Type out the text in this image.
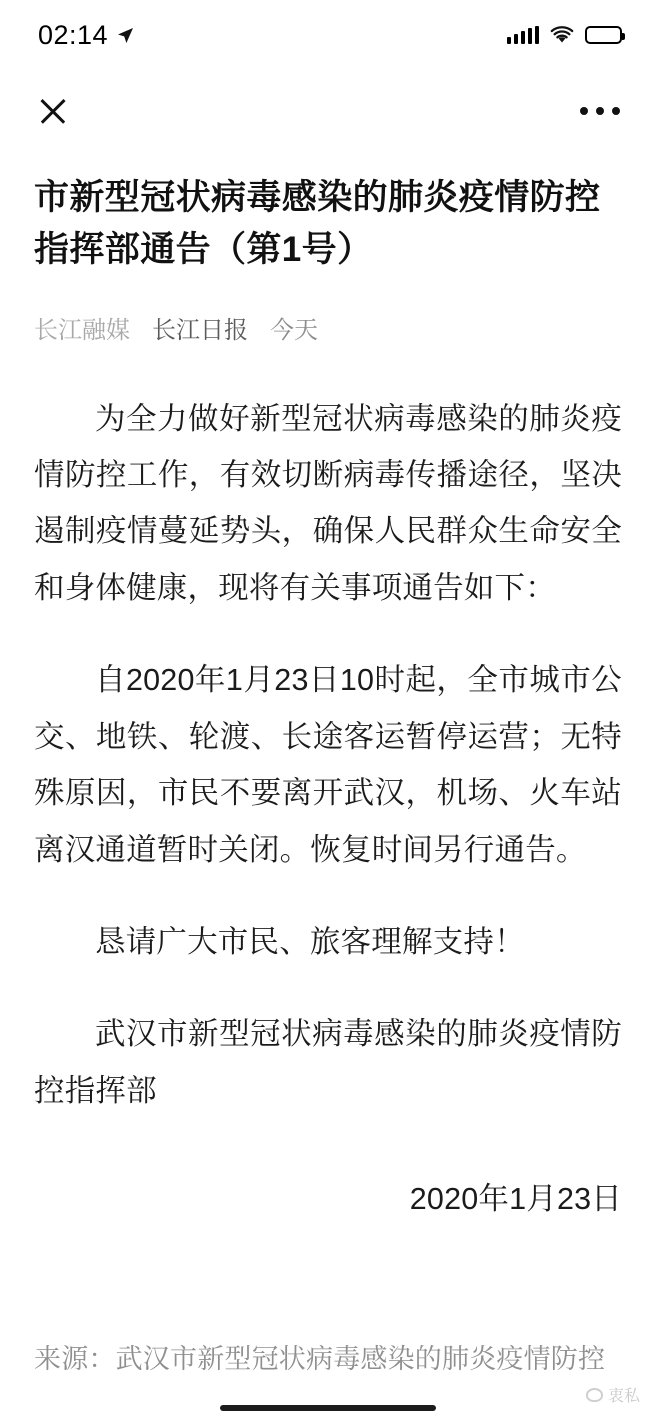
02:14
市新型冠状病毒感染的肺炎疫情防控指挥部通告（第1号）
长江融媒 长江日报 今天

为全力做好新型冠状病毒感染的肺炎疫情防控工作，有效切断病毒传播途径，坚决遏制疫情蔓延势头，确保人民群众生命安全和身体健康，现将有关事项通告如下：

自2020年1月23日10时起，全市城市公交、地铁、轮渡、长途客运暂停运营；无特殊原因，市民不要离开武汉，机场、火车站离汉通道暂时关闭。恢复时间另行通告。

恳请广大市民、旅客理解支持！

武汉市新型冠状病毒感染的肺炎疫情防控指挥部

2020年1月23日

来源：武汉市新型冠状病毒感染的肺炎疫情防控
衷私
